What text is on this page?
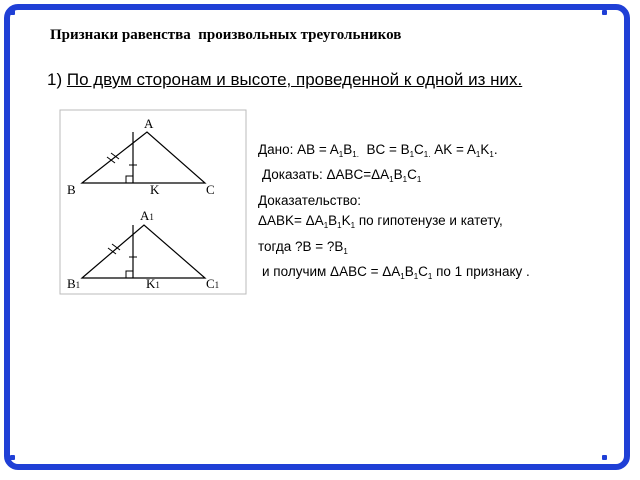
Признаки равенства  произвольных треугольников
1) По двум сторонам и высоте, проведенной к одной из них.
A
B	K	C
A1
B1	K1	C1
Дано: AB = $A_1B_{1.}$ BC = $B_1C_{1.}$ AK = $A_1K_1$.
Доказать: $\Delta ABC=\Delta A_1B_1C_1$
Доказательство:
$\Delta ABK= \Delta A_1B_1K_1$ по гипотенузе и катету,
тогда ?B = $?B_1$
и получим $\Delta ABC = \Delta A_1B_1C_1$ по 1 признаку .
